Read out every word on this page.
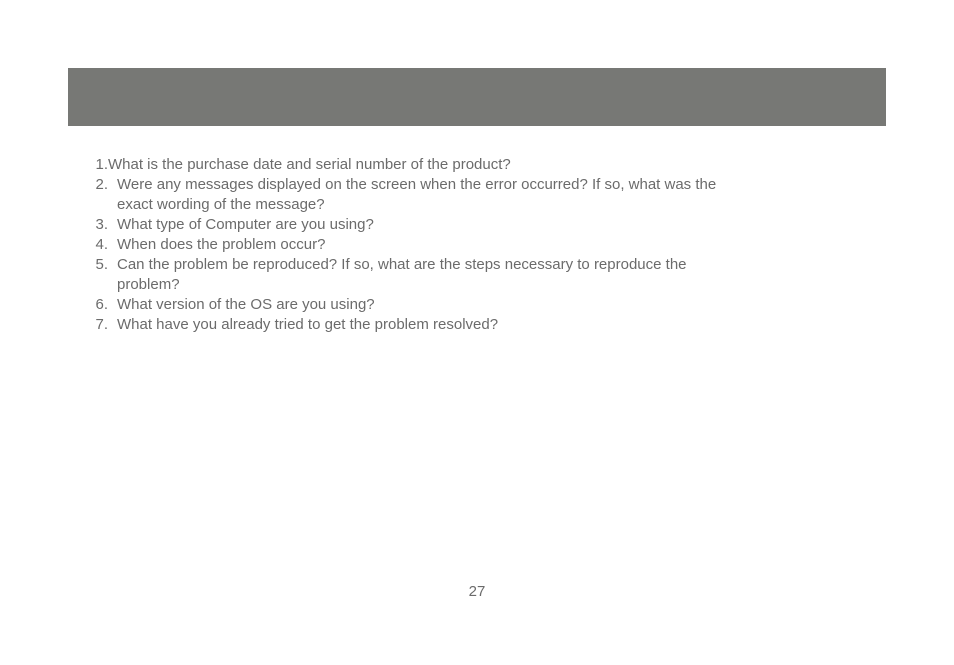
1. What is the purchase date and serial number of the product?
2. Were any messages displayed on the screen when the error occurred? If so, what was the exact wording of the message?
3. What type of Computer are you using?
4. When does the problem occur?
5. Can the problem be reproduced? If so, what are the steps necessary to reproduce the problem?
6. What version of the OS are you using?
7. What have you already tried to get the problem resolved?
27
